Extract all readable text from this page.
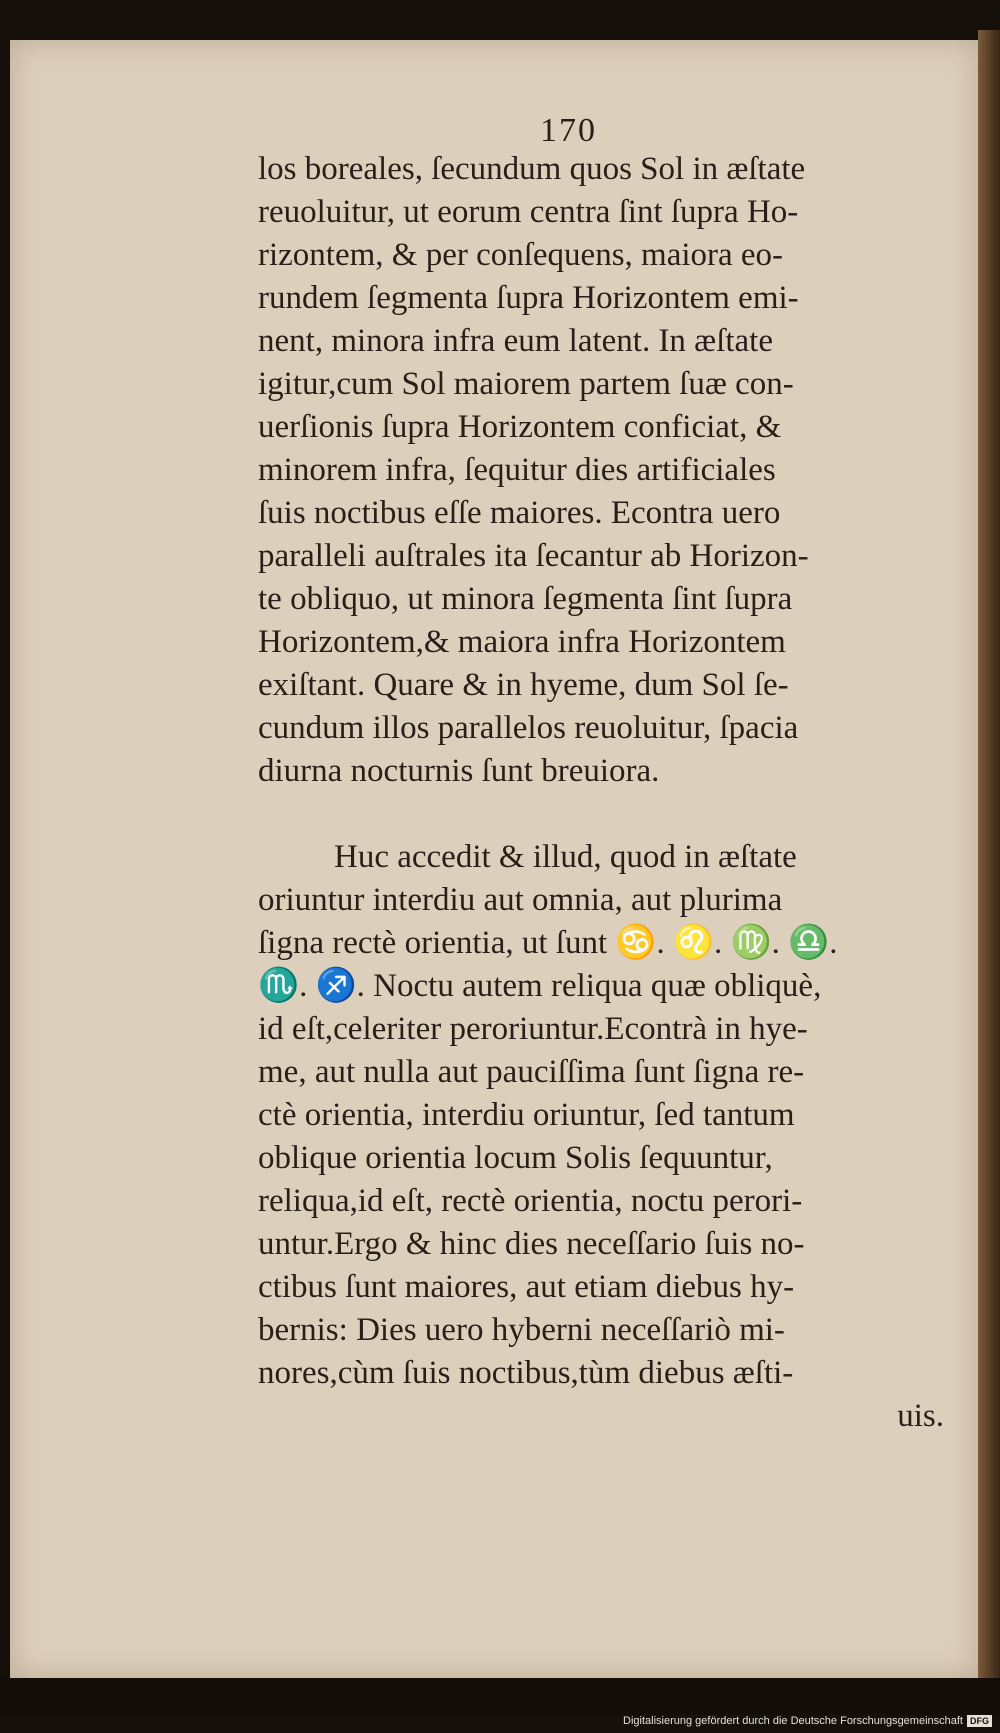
170
los boreales, ſecundum quos Sol in æſtate
reuoluitur, ut eorum centra ſint ſupra Ho-
rizontem, & per conſequens, maiora eo-
rundem ſegmenta ſupra Horizontem emi-
nent, minora infra eum latent. In æſtate
igitur,cum Sol maiorem partem ſuæ con-
uerſionis ſupra Horizontem conficiat, &
minorem infra, ſequitur dies artificiales
ſuis noctibus eſſe maiores. Econtra uero
paralleli auſtrales ita ſecantur ab Horizon-
te obliquo, ut minora ſegmenta ſint ſupra
Horizontem,& maiora infra Horizontem
exiſtant. Quare & in hyeme, dum Sol ſe-
cundum illos parallelos reuoluitur, ſpacia
diurna nocturnis ſunt breuiora.
Huc accedit & illud, quod in æſtate
oriuntur interdiu aut omnia, aut plurima
ſigna rectè orientia, ut ſunt ♋. ♌. ♍. ♎.
♏. ♐. Noctu autem reliqua quæ obliquè,
id eſt,celeriter peroriuntur.Econtrà in hye-
me, aut nulla aut pauciſſima ſunt ſigna re-
ctè orientia, interdiu oriuntur, ſed tantum
oblique orientia locum Solis ſequuntur,
reliqua,id eſt, rectè orientia, noctu perori-
untur.Ergo & hinc dies neceſſario ſuis no-
ctibus ſunt maiores, aut etiam diebus hy-
bernis: Dies uero hyberni neceſſariò mi-
nores,cùm ſuis noctibus,tùm diebus æſti-
uis.
Digitalisierung gefördert durch die Deutsche Forschungsgemeinschaft DFG
